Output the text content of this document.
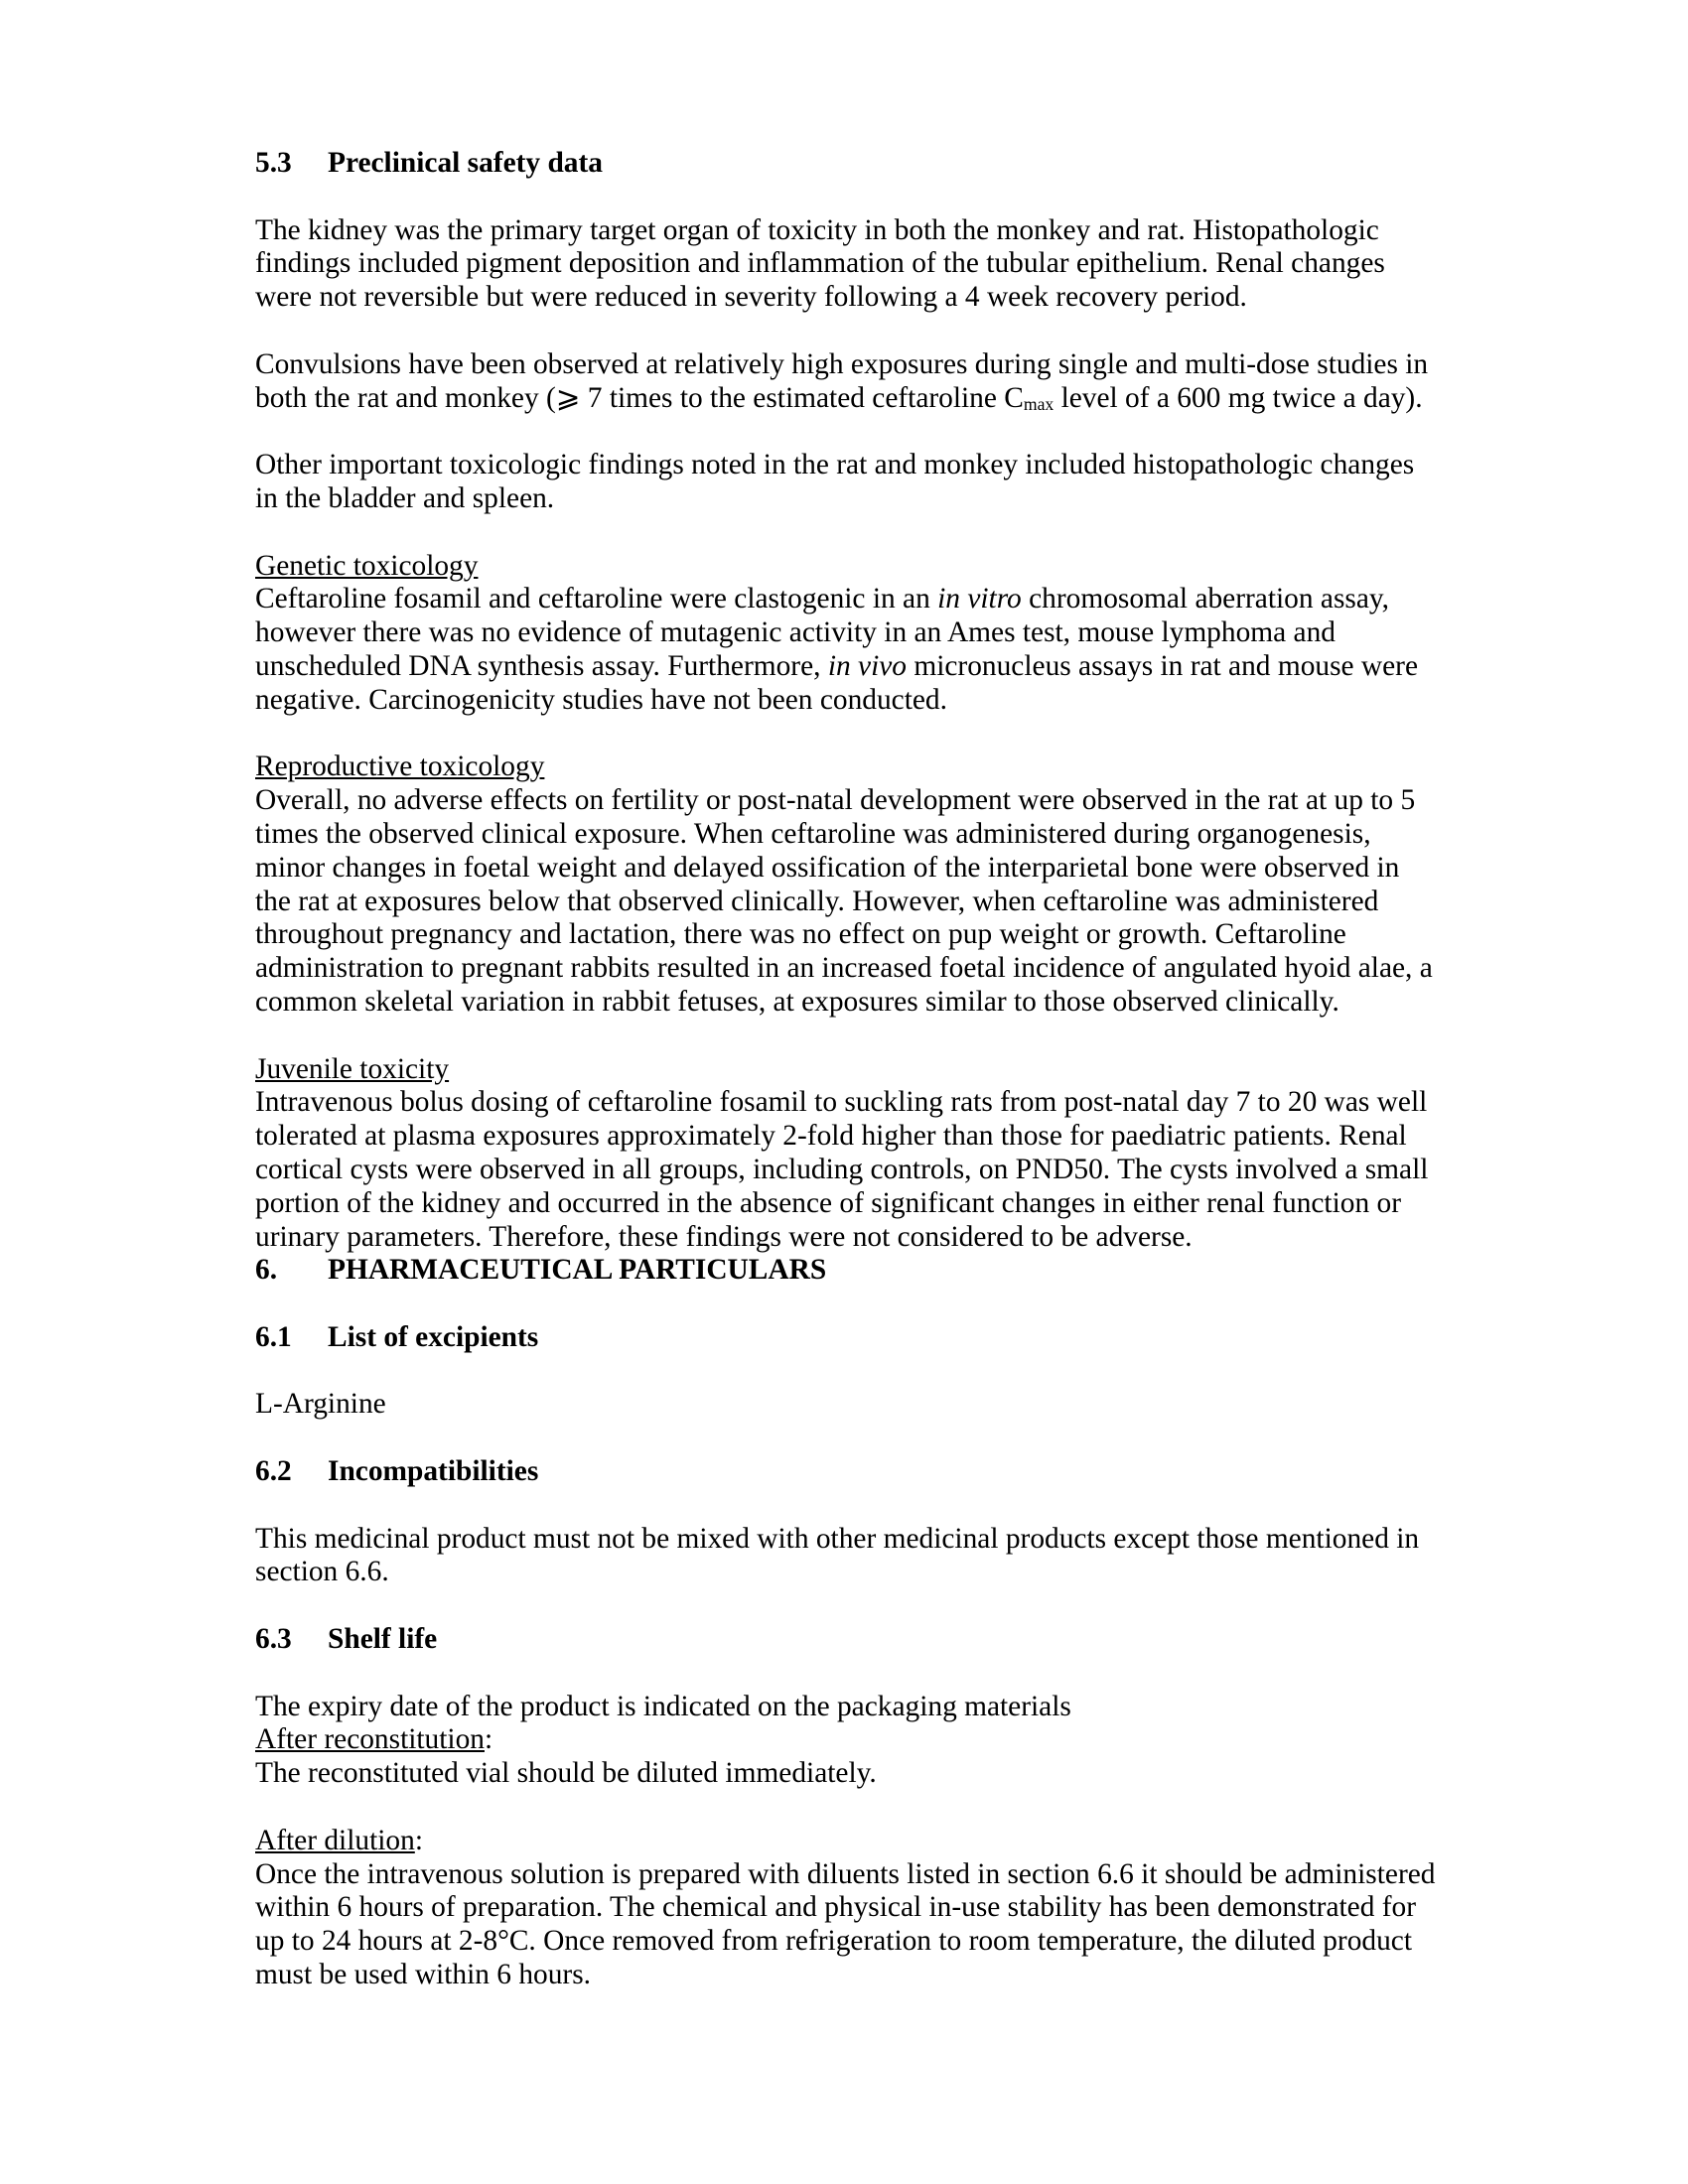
5.3	Preclinical safety data

The kidney was the primary target organ of toxicity in both the monkey and rat. Histopathologic findings included pigment deposition and inflammation of the tubular epithelium. Renal changes were not reversible but were reduced in severity following a 4 week recovery period.

Convulsions have been observed at relatively high exposures during single and multi-dose studies in both the rat and monkey (⩾ 7 times to the estimated ceftaroline $C_{max}$ level of a 600 mg twice a day).

Other important toxicologic findings noted in the rat and monkey included histopathologic changes in the bladder and spleen.

Genetic toxicology

Ceftaroline fosamil and ceftaroline were clastogenic in an in vitro chromosomal aberration assay, however there was no evidence of mutagenic activity in an Ames test, mouse lymphoma and unscheduled DNA synthesis assay. Furthermore, in vivo micronucleus assays in rat and mouse were negative. Carcinogenicity studies have not been conducted.

Reproductive toxicology

Overall, no adverse effects on fertility or post-natal development were observed in the rat at up to 5 times the observed clinical exposure. When ceftaroline was administered during organogenesis, minor changes in foetal weight and delayed ossification of the interparietal bone were observed in the rat at exposures below that observed clinically. However, when ceftaroline was administered throughout pregnancy and lactation, there was no effect on pup weight or growth. Ceftaroline administration to pregnant rabbits resulted in an increased foetal incidence of angulated hyoid alae, a common skeletal variation in rabbit fetuses, at exposures similar to those observed clinically.

Juvenile toxicity

Intravenous bolus dosing of ceftaroline fosamil to suckling rats from post-natal day 7 to 20 was well tolerated at plasma exposures approximately 2-fold higher than those for paediatric patients. Renal cortical cysts were observed in all groups, including controls, on PND50. The cysts involved a small portion of the kidney and occurred in the absence of significant changes in either renal function or urinary parameters. Therefore, these findings were not considered to be adverse.

6.	PHARMACEUTICAL PARTICULARS
6.1	List of excipients

L-Arginine

6.2	Incompatibilities

This medicinal product must not be mixed with other medicinal products except those mentioned in section 6.6.

6.3	Shelf life

The expiry date of the product is indicated on the packaging materials

After reconstitution:

The reconstituted vial should be diluted immediately.

After dilution:

Once the intravenous solution is prepared with diluents listed in section 6.6 it should be administered within 6 hours of preparation. The chemical and physical in-use stability has been demonstrated for up to 24 hours at 2-8°C. Once removed from refrigeration to room temperature, the diluted product must be used within 6 hours.
